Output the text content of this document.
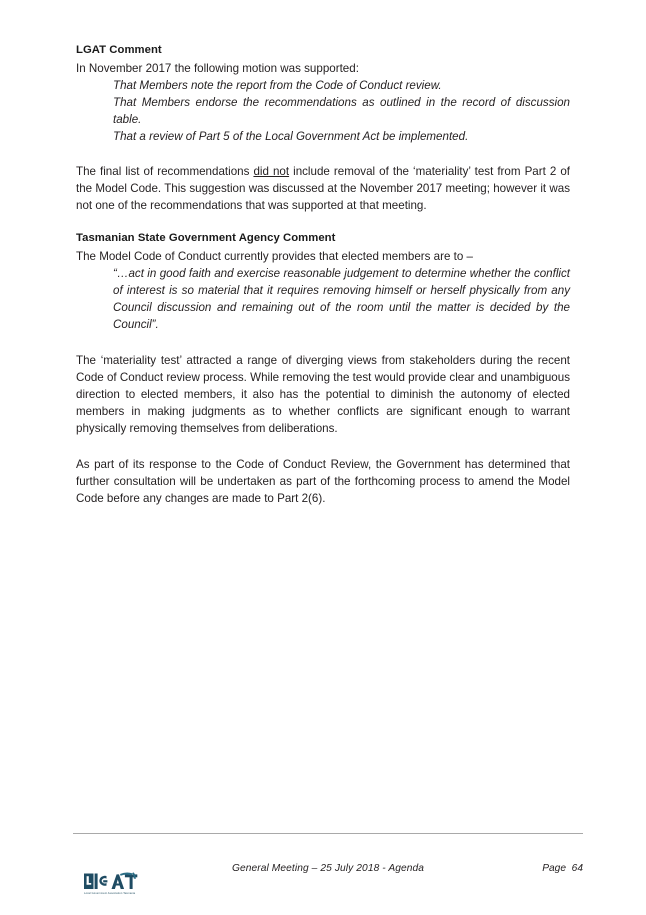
LGAT Comment

In November 2017 the following motion was supported:

That Members note the report from the Code of Conduct review.

That Members endorse the recommendations as outlined in the record of discussion table.

That a review of Part 5 of the Local Government Act be implemented.

The final list of recommendations did not include removal of the ‘materiality’ test from Part 2 of the Model Code. This suggestion was discussed at the November 2017 meeting; however it was not one of the recommendations that was supported at that meeting.

Tasmanian State Government Agency Comment

The Model Code of Conduct currently provides that elected members are to –

“…act in good faith and exercise reasonable judgement to determine whether the conflict of interest is so material that it requires removing himself or herself physically from any Council discussion and remaining out of the room until the matter is decided by the Council”.

The ‘materiality test’ attracted a range of diverging views from stakeholders during the recent Code of Conduct review process. While removing the test would provide clear and unambiguous direction to elected members, it also has the potential to diminish the autonomy of elected members in making judgments as to whether conflicts are significant enough to warrant physically removing themselves from deliberations.

As part of its response to the Code of Conduct Review, the Government has determined that further consultation will be undertaken as part of the forthcoming process to amend the Model Code before any changes are made to Part 2(6).

Local Government Association Tasmania
General Meeting – 25 July 2018 - Agenda	Page  64
